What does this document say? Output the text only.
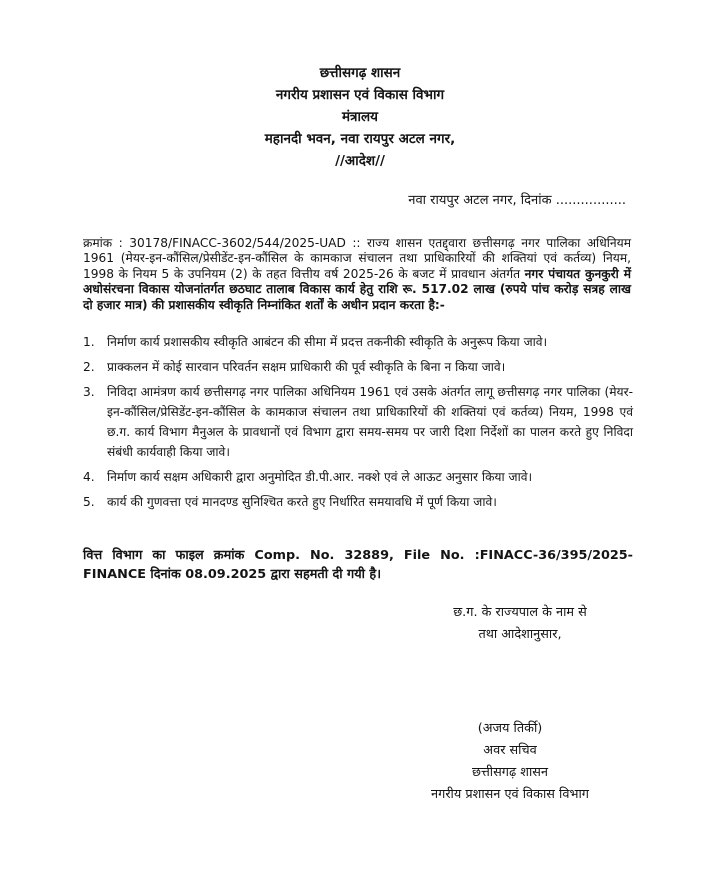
छत्तीसगढ़ शासन
नगरीय प्रशासन एवं विकास विभाग
मंत्रालय
महानदी भवन, नवा रायपुर अटल नगर,
//आदेश//
नवा रायपुर अटल नगर, दिनांक .................
क्रमांक : 30178/FINACC-3602/544/2025-UAD :: राज्य शासन एतद्द्वारा छत्तीसगढ़ नगर पालिका अधिनियम 1961 (मेयर-इन-कौंसिल/प्रेसीडेंट-इन-कौंसिल के कामकाज संचालन तथा प्राधिकारियों की शक्तियां एवं कर्तव्य) नियम, 1998 के नियम 5 के उपनियम (2) के तहत वित्तीय वर्ष 2025-26 के बजट में प्रावधान अंतर्गत नगर पंचायत कुनकुरी में अधोसंरचना विकास योजनांतर्गत छठघाट तालाब विकास कार्य हेतु राशि रू. 517.02 लाख (रुपये पांच करोड़ सत्रह लाख दो हजार मात्र) की प्रशासकीय स्वीकृति निम्नांकित शर्तों के अधीन प्रदान करता है:-
1.	निर्माण कार्य प्रशासकीय स्वीकृति आबंटन की सीमा में प्रदत्त तकनीकी स्वीकृति के अनुरूप किया जावे।
2.	प्राक्कलन में कोई सारवान परिवर्तन सक्षम प्राधिकारी की पूर्व स्वीकृति के बिना न किया जावे।
3.	निविदा आमंत्रण कार्य छत्तीसगढ़ नगर पालिका अधिनियम 1961 एवं उसके अंतर्गत लागू छत्तीसगढ़ नगर पालिका (मेयर-इन-कौंसिल/प्रेसिडेंट-इन-कौंसिल के कामकाज संचालन तथा प्राधिकारियों की शक्तियां एवं कर्तव्य) नियम, 1998 एवं छ.ग. कार्य विभाग मैनुअल के प्रावधानों एवं विभाग द्वारा समय-समय पर जारी दिशा निर्देशों का पालन करते हुए निविदा संबंधी कार्यवाही किया जावे।
4.	निर्माण कार्य सक्षम अधिकारी द्वारा अनुमोदित डी.पी.आर. नक्शे एवं ले आऊट अनुसार किया जावे।
5.	कार्य की गुणवत्ता एवं मानदण्ड सुनिश्चित करते हुए निर्धारित समयावधि में पूर्ण किया जावे।
वित्त विभाग का फाइल क्रमांक Comp. No. 32889, File No. :FINACC-36/395/2025-FINANCE दिनांक 08.09.2025 द्वारा सहमती दी गयी है।
छ.ग. के राज्यपाल के नाम से
तथा आदेशानुसार,
(अजय तिर्की)
अवर सचिव
छत्तीसगढ़ शासन
नगरीय प्रशासन एवं विकास विभाग
